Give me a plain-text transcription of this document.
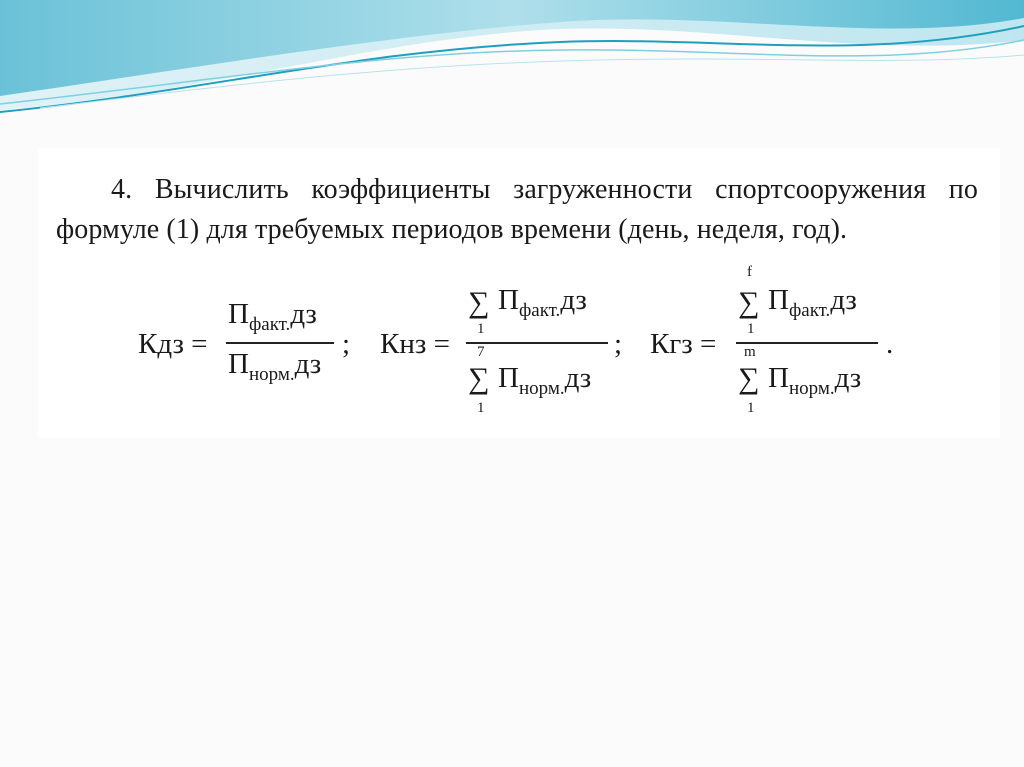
4. Вычислить коэффициенты загруженности спортсооружения по формуле (1) для требуемых периодов времени (день, неделя, год).

Кдз =
$П_{факт.}дз$
$П_{норм.}дз$
; Кнз =
∑
1
$П_{факт.}дз$
7
∑
1
$П_{норм.}дз$
; Кгз =
f
∑
1
$П_{факт.}дз$
m
∑
1
$П_{норм.}дз$
.
